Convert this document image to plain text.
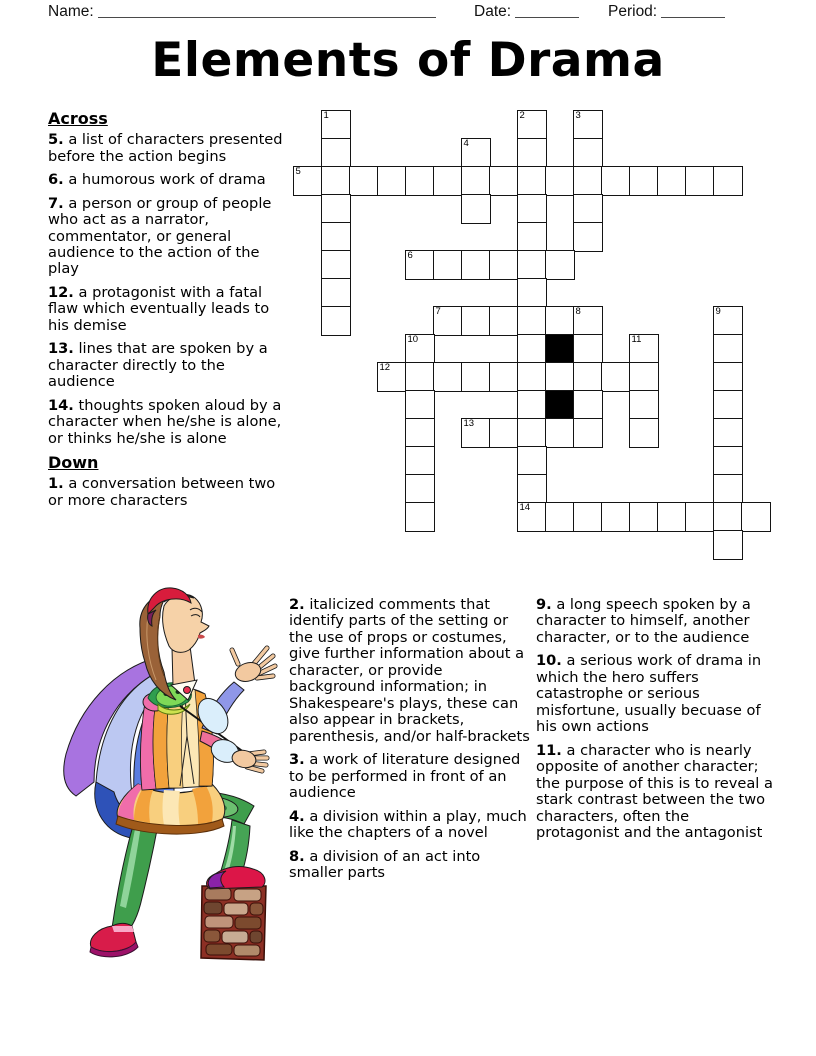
Name:	Date:	Period:
Elements of Drama

Across

5. a list of characters presented before the action begins

6. a humorous work of drama

7. a person or group of people who act as a narrator, commentator, or general audience to the action of the play

12. a protagonist with a fatal flaw which eventually leads to his demise

13. lines that are spoken by a character directly to the audience

14. thoughts spoken aloud by a character when he/she is alone, or thinks he/she is alone

Down

1. a conversation between two or more characters

1	2	3
4
5
6
7	8	9
10	11
12
13
14

2. italicized comments that identify parts of the setting or the use of props or costumes, give further information about a character, or provide background information; in Shakespeare's plays, these can also appear in brackets, parenthesis, and/or half-brackets

3. a work of literature designed to be performed in front of an audience

4. a division within a play, much like the chapters of a novel

8. a division of an act into smaller parts

9. a long speech spoken by a character to himself, another character, or to the audience

10. a serious work of drama in which the hero suffers catastrophe or serious misfortune, usually becuase of his own actions

11. a character who is nearly opposite of another character; the purpose of this is to reveal a stark contrast between the two characters, often the protagonist and the antagonist
